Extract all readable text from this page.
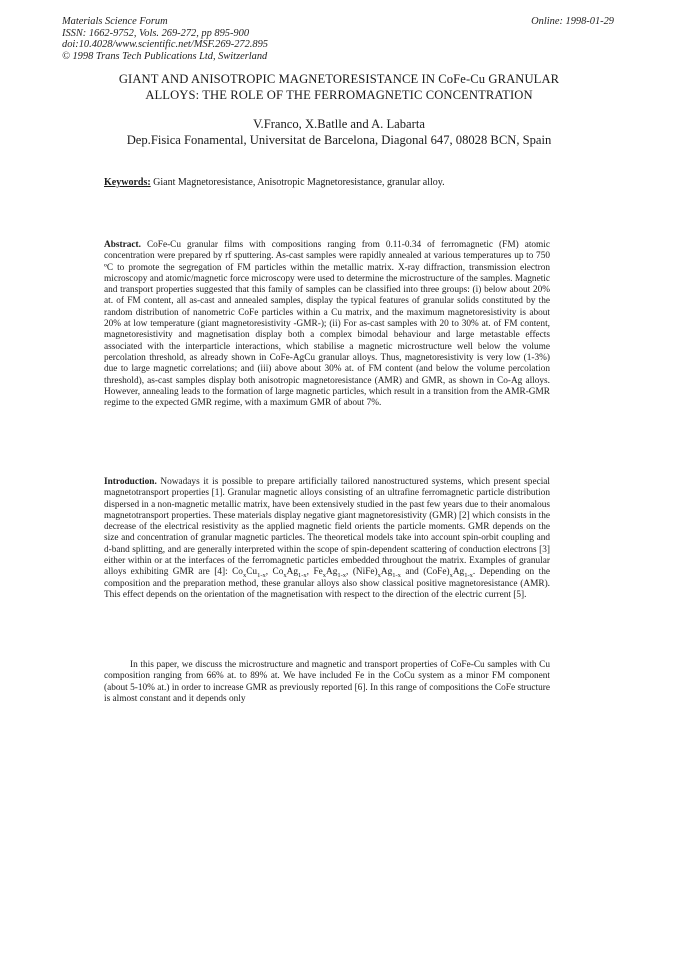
Materials Science Forum
ISSN: 1662-9752, Vols. 269-272, pp 895-900
doi:10.4028/www.scientific.net/MSF.269-272.895
© 1998 Trans Tech Publications Ltd, Switzerland
Online: 1998-01-29
GIANT AND ANISOTROPIC MAGNETORESISTANCE IN CoFe-Cu GRANULAR
ALLOYS: THE ROLE OF THE FERROMAGNETIC CONCENTRATION
V.Franco, X.Batlle and A. Labarta
Dep.Fisica Fonamental, Universitat de Barcelona, Diagonal 647, 08028 BCN, Spain
Keywords: Giant Magnetoresistance, Anisotropic Magnetoresistance, granular alloy.
Abstract. CoFe-Cu granular films with compositions ranging from 0.11-0.34 of ferromagnetic (FM) atomic concentration were prepared by rf sputtering. As-cast samples were rapidly annealed at various temperatures up to 750 ºC to promote the segregation of FM particles within the metallic matrix. X-ray diffraction, transmission electron microscopy and atomic/magnetic force microscopy were used to determine the microstructure of the samples. Magnetic and transport properties suggested that this family of samples can be classified into three groups: (i) below about 20% at. of FM content, all as-cast and annealed samples, display the typical features of granular solids constituted by the random distribution of nanometric CoFe particles within a Cu matrix, and the maximum magnetoresistivity is about 20% at low temperature (giant magnetoresistivity -GMR-); (ii) For as-cast samples with 20 to 30% at. of FM content, magnetoresistivity and magnetisation display both a complex bimodal behaviour and large metastable effects associated with the interparticle interactions, which stabilise a magnetic microstructure well below the volume percolation threshold, as already shown in CoFe-AgCu granular alloys. Thus, magnetoresistivity is very low (1-3%) due to large magnetic correlations; and (iii) above about 30% at. of FM content (and below the volume percolation threshold), as-cast samples display both anisotropic magnetoresistance (AMR) and GMR, as shown in Co-Ag alloys. However, annealing leads to the formation of large magnetic particles, which result in a transition from the AMR-GMR regime to the expected GMR regime, with a maximum GMR of about 7%.
Introduction. Nowadays it is possible to prepare artificially tailored nanostructured systems, which present special magnetotransport properties [1]. Granular magnetic alloys consisting of an ultrafine ferromagnetic particle distribution dispersed in a non-magnetic metallic matrix, have been extensively studied in the past few years due to their anomalous magnetotransport properties. These materials display negative giant magnetoresistivity (GMR) [2] which consists in the decrease of the electrical resistivity as the applied magnetic field orients the particle moments. GMR depends on the size and concentration of granular magnetic particles. The theoretical models take into account spin-orbit coupling and d-band splitting, and are generally interpreted within the scope of spin-dependent scattering of conduction electrons [3] either within or at the interfaces of the ferromagnetic particles embedded throughout the matrix. Examples of granular alloys exhibiting GMR are [4]: $Co_xCu_{1-x}$, $Co_xAg_{1-x}$, $Fe_xAg_{1-x}$, $(NiFe)_xAg_{1-x}$ and $(CoFe)_xAg_{1-x}$. Depending on the composition and the preparation method, these granular alloys also show classical positive magnetoresistance (AMR). This effect depends on the orientation of the magnetisation with respect to the direction of the electric current [5].
In this paper, we discuss the microstructure and magnetic and transport properties of CoFe-Cu samples with Cu composition ranging from 66% at. to 89% at. We have included Fe in the CoCu system as a minor FM component (about 5-10% at.) in order to increase GMR as previously reported [6]. In this range of compositions the CoFe structure is almost constant and it depends only
